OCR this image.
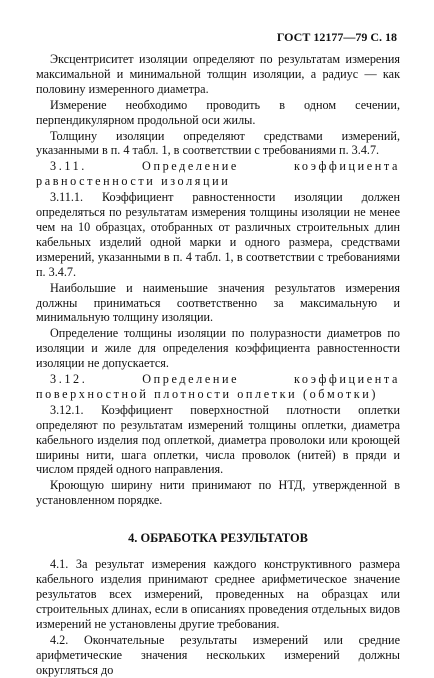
ГОСТ 12177—79 С. 18

Эксцентриситет изоляции определяют по результатам измерения максимальной и минимальной толщин изоляции, а радиус — как половину измеренного диаметра.

Измерение необходимо проводить в одном сечении, перпендикулярном продольной оси жилы.

Толщину изоляции определяют средствами измерений, указанными в п. 4 табл. 1, в соответствии с требованиями п. 3.4.7.

3.11. Определение коэффициента равностенности изоляции

3.11.1. Коэффициент равностенности изоляции должен определяться по результатам измерения толщины изоляции не менее чем на 10 образцах, отобранных от различных строительных длин кабельных изделий одной марки и одного размера, средствами измерений, указанными в п. 4 табл. 1, в соответствии с требованиями п. 3.4.7.

Наибольшие и наименьшие значения результатов измерения должны приниматься соответственно за максимальную и минимальную толщину изоляции.

Определение толщины изоляции по полуразности диаметров по изоляции и жиле для определения коэффициента равностенности изоляции не допускается.

3.12. Определение коэффициента поверхностной плотности оплетки (обмотки)

3.12.1. Коэффициент поверхностной плотности оплетки определяют по результатам измерений толщины оплетки, диаметра кабельного изделия под оплеткой, диаметра проволоки или кроющей ширины нити, шага оплетки, числа проволок (нитей) в пряди и числом прядей одного направления.

Кроющую ширину нити принимают по НТД, утвержденной в установленном порядке.

4. ОБРАБОТКА РЕЗУЛЬТАТОВ

4.1. За результат измерения каждого конструктивного размера кабельного изделия принимают среднее арифметическое значение результатов всех измерений, проведенных на образцах или строительных длинах, если в описаниях проведения отдельных видов измерений не установлены другие требования.

4.2. Окончательные результаты измерений или средние арифметические значения нескольких измерений должны округляться до
